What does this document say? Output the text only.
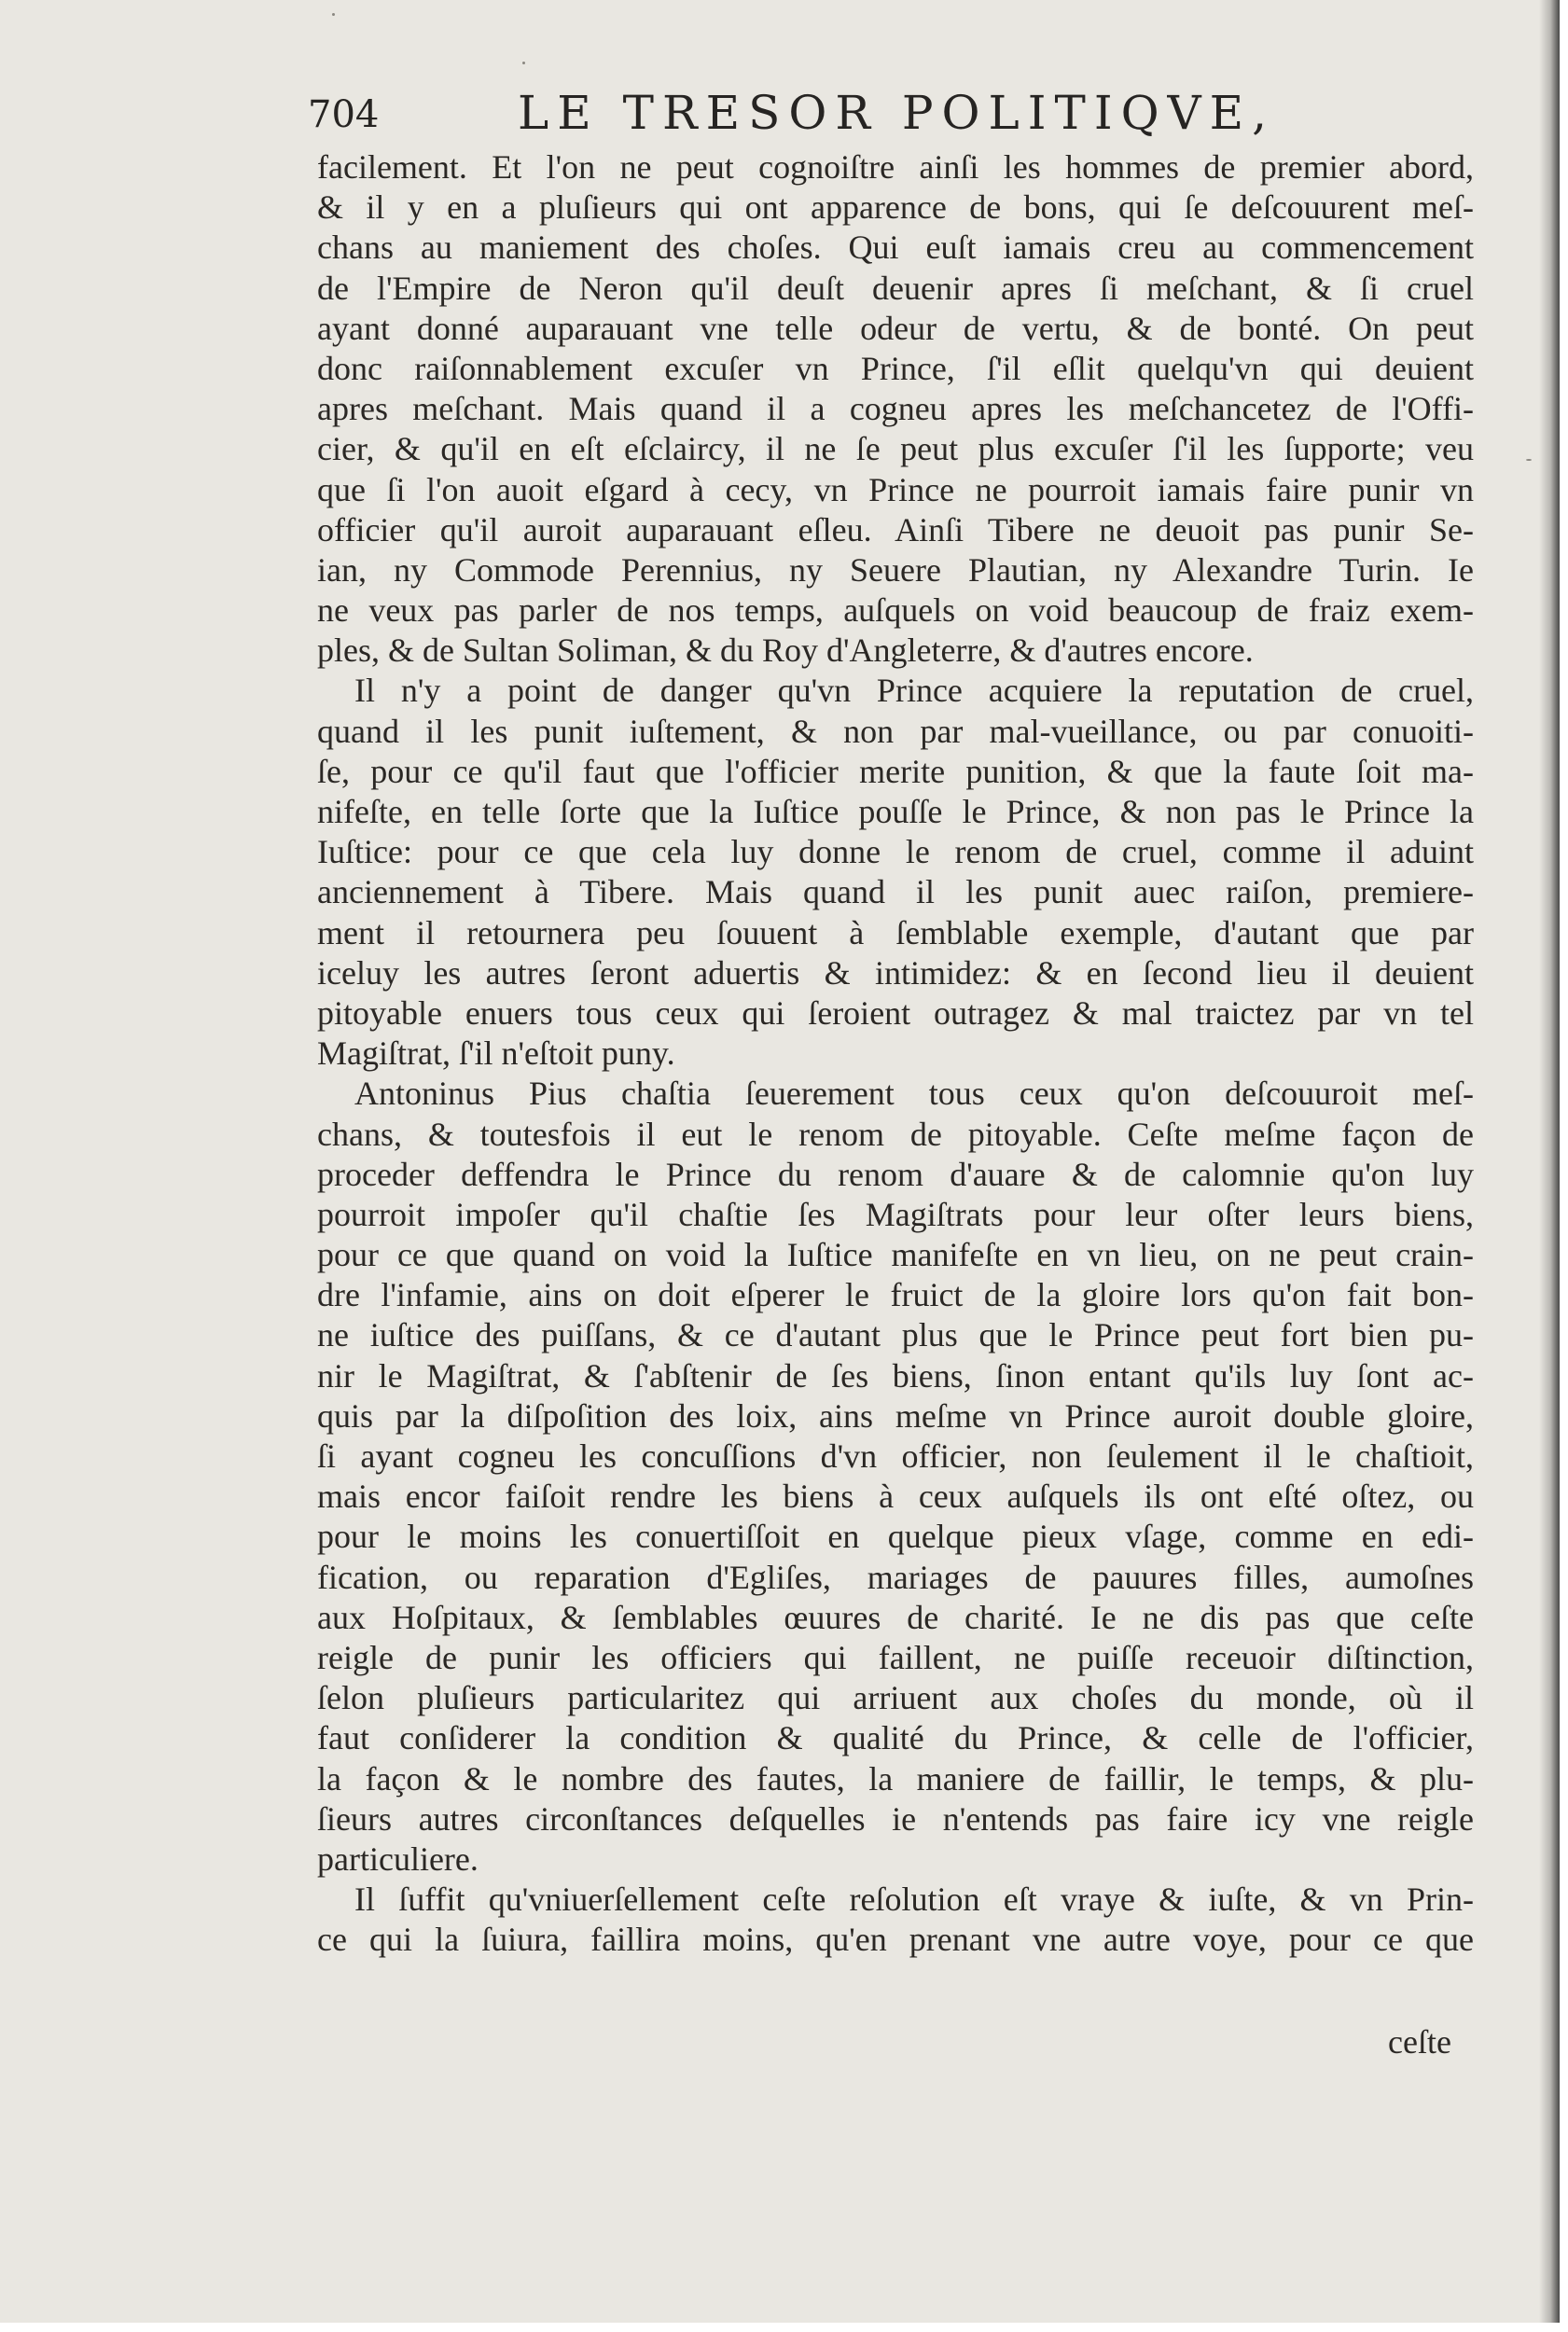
704	LE TRESOR POLITIQVE,
facilement. Et l'on ne peut cognoiſtre ainſi les hommes de premier abord,
& il y en a pluſieurs qui ont apparence de bons, qui ſe deſcouurent meſ-
chans au maniement des choſes. Qui euſt iamais creu au commencement
de l'Empire de Neron qu'il deuſt deuenir apres ſi meſchant, & ſi cruel
ayant donné auparauant vne telle odeur de vertu, & de bonté. On peut
donc raiſonnablement excuſer vn Prince, ſ'il eſlit quelqu'vn qui deuient
apres meſchant. Mais quand il a cogneu apres les meſchancetez de l'Offi-
cier, & qu'il en eſt eſclaircy, il ne ſe peut plus excuſer ſ'il les ſupporte; veu
que ſi l'on auoit eſgard à cecy, vn Prince ne pourroit iamais faire punir vn
officier qu'il auroit auparauant eſleu. Ainſi Tibere ne deuoit pas punir Se-
ian, ny Commode Perennius, ny Seuere Plautian, ny Alexandre Turin. Ie
ne veux pas parler de nos temps, auſquels on void beaucoup de fraiz exem-
ples, & de Sultan Soliman, & du Roy d'Angleterre, & d'autres encore.
Il n'y a point de danger qu'vn Prince acquiere la reputation de cruel,
quand il les punit iuſtement, & non par mal-vueillance, ou par conuoiti-
ſe, pour ce qu'il faut que l'officier merite punition, & que la faute ſoit ma-
nifeſte, en telle ſorte que la Iuſtice pouſſe le Prince, & non pas le Prince la
Iuſtice: pour ce que cela luy donne le renom de cruel, comme il aduint
anciennement à Tibere. Mais quand il les punit auec raiſon, premiere-
ment il retournera peu ſouuent à ſemblable exemple, d'autant que par
iceluy les autres ſeront aduertis & intimidez: & en ſecond lieu il deuient
pitoyable enuers tous ceux qui ſeroient outragez & mal traictez par vn tel
Magiſtrat, ſ'il n'eſtoit puny.
Antoninus Pius chaſtia ſeuerement tous ceux qu'on deſcouuroit meſ-
chans, & toutesfois il eut le renom de pitoyable. Ceſte meſme façon de
proceder deffendra le Prince du renom d'auare & de calomnie qu'on luy
pourroit impoſer qu'il chaſtie ſes Magiſtrats pour leur oſter leurs biens,
pour ce que quand on void la Iuſtice manifeſte en vn lieu, on ne peut crain-
dre l'infamie, ains on doit eſperer le fruict de la gloire lors qu'on fait bon-
ne iuſtice des puiſſans, & ce d'autant plus que le Prince peut fort bien pu-
nir le Magiſtrat, & ſ'abſtenir de ſes biens, ſinon entant qu'ils luy ſont ac-
quis par la diſpoſition des loix, ains meſme vn Prince auroit double gloire,
ſi ayant cogneu les concuſſions d'vn officier, non ſeulement il le chaſtioit,
mais encor faiſoit rendre les biens à ceux auſquels ils ont eſté oſtez, ou
pour le moins les conuertiſſoit en quelque pieux vſage, comme en edi-
fication, ou reparation d'Egliſes, mariages de pauures filles, aumoſnes
aux Hoſpitaux, & ſemblables œuures de charité. Ie ne dis pas que ceſte
reigle de punir les officiers qui faillent, ne puiſſe receuoir diſtinction,
ſelon pluſieurs particularitez qui arriuent aux choſes du monde, où il
faut conſiderer la condition & qualité du Prince, & celle de l'officier,
la façon & le nombre des fautes, la maniere de faillir, le temps, & plu-
ſieurs autres circonſtances deſquelles ie n'entends pas faire icy vne reigle
particuliere.
Il ſuffit qu'vniuerſellement ceſte reſolution eſt vraye & iuſte, & vn Prin-
ce qui la ſuiura, faillira moins, qu'en prenant vne autre voye, pour ce que
ceſte
